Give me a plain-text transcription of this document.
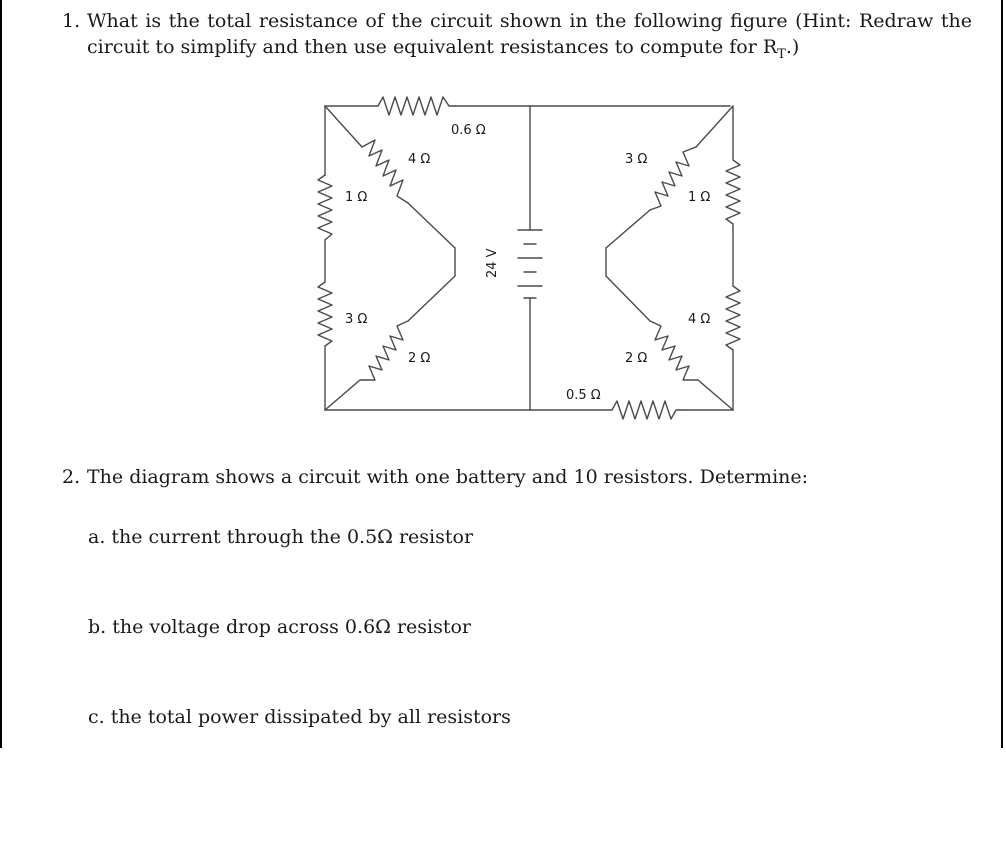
1. What is the total resistance of the circuit shown in the following figure (Hint: Redraw the circuit to simplify and then use equivalent resistances to compute for $R_T$.)
0.6 Ω
4 Ω
1 Ω
3 Ω
2 Ω
24 V
3 Ω
1 Ω
4 Ω
2 Ω
0.5 Ω
2. The diagram shows a circuit with one battery and 10 resistors. Determine:
a. the current through the 0.5Ω resistor
b. the voltage drop across 0.6Ω resistor
c. the total power dissipated by all resistors
